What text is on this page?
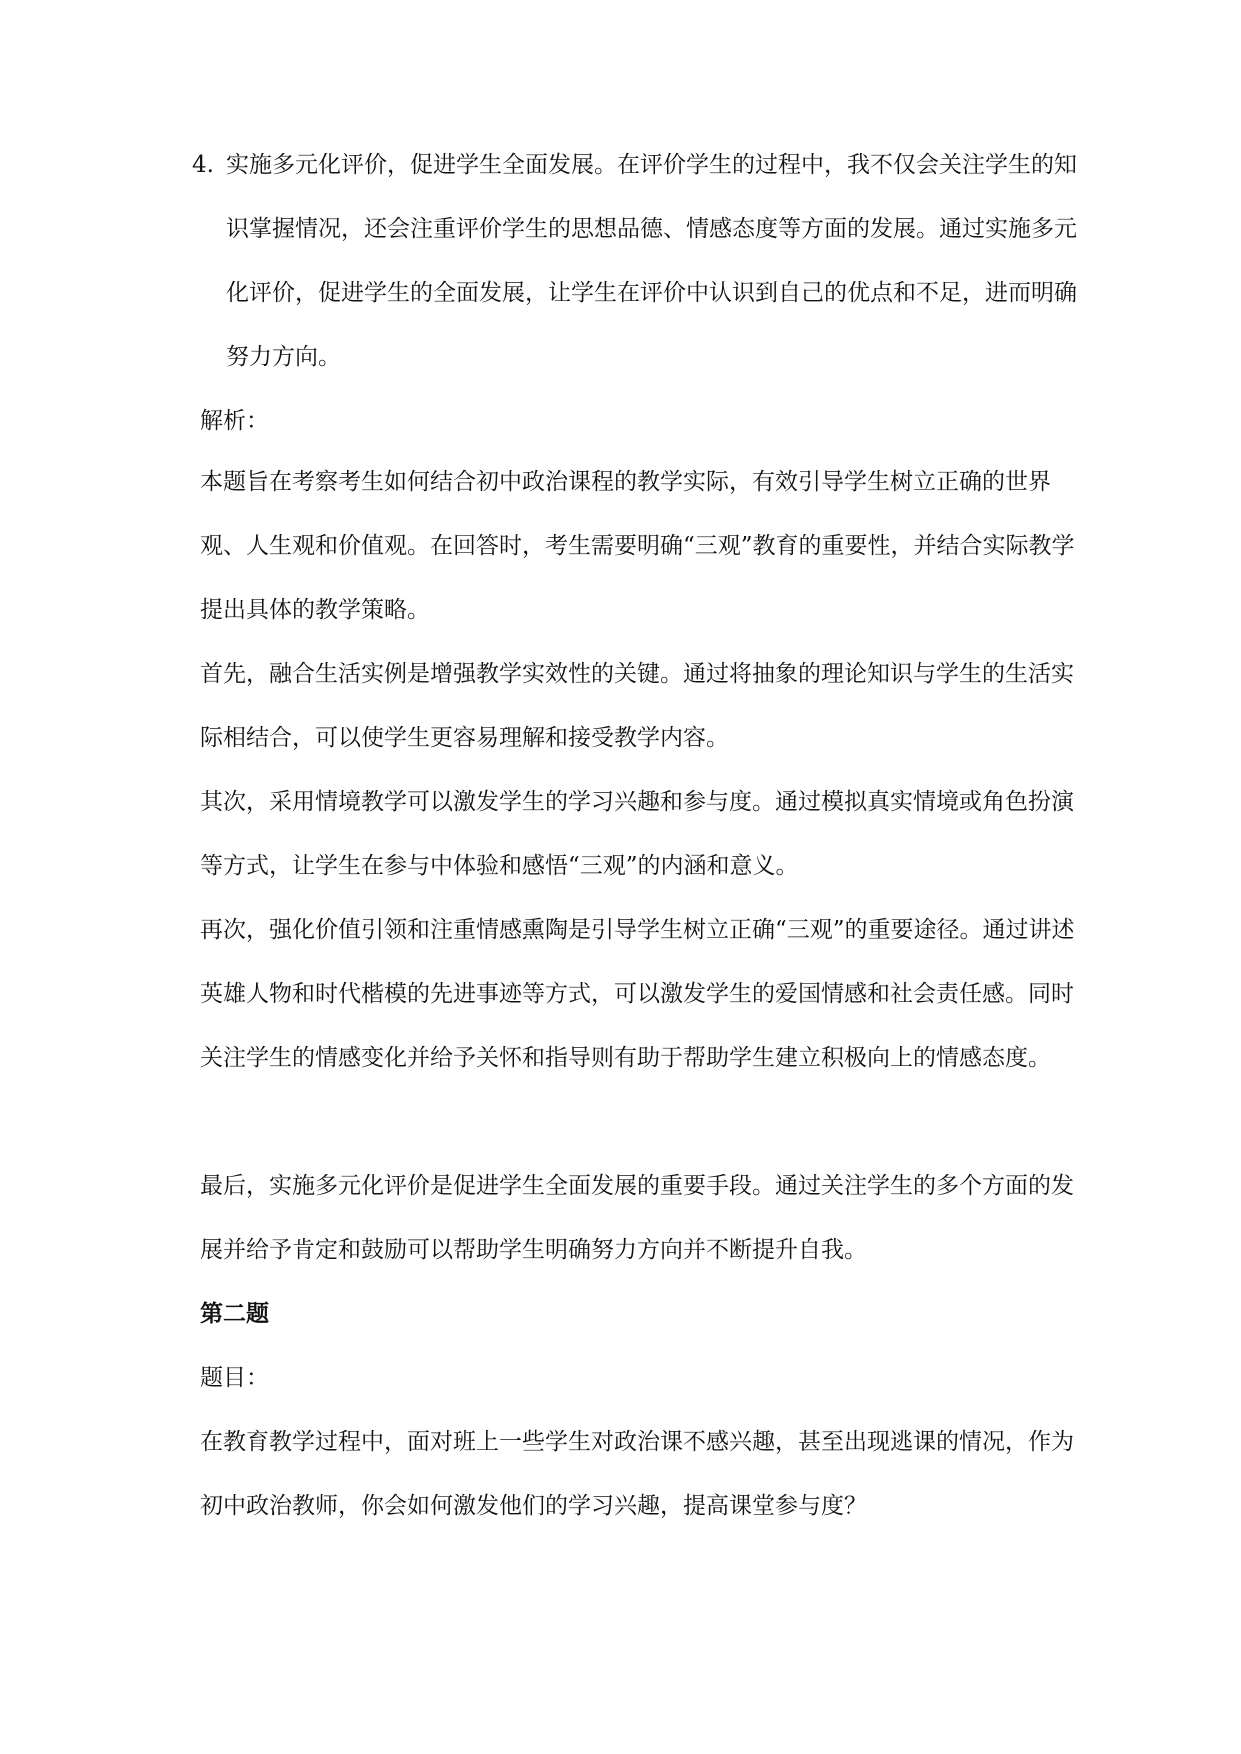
4. 实施多元化评价，促进学生全面发展。在评价学生的过程中，我不仅会关注学生的知识掌握情况，还会注重评价学生的思想品德、情感态度等方面的发展。通过实施多元化评价，促进学生的全面发展，让学生在评价中认识到自己的优点和不足，进而明确努力方向。

解析：

本题旨在考察考生如何结合初中政治课程的教学实际，有效引导学生树立正确的世界观、人生观和价值观。在回答时，考生需要明确“三观”教育的重要性，并结合实际教学提出具体的教学策略。

首先，融合生活实例是增强教学实效性的关键。通过将抽象的理论知识与学生的生活实际相结合，可以使学生更容易理解和接受教学内容。

其次，采用情境教学可以激发学生的学习兴趣和参与度。通过模拟真实情境或角色扮演等方式，让学生在参与中体验和感悟“三观”的内涵和意义。

再次，强化价值引领和注重情感熏陶是引导学生树立正确“三观”的重要途径。通过讲述英雄人物和时代楷模的先进事迹等方式，可以激发学生的爱国情感和社会责任感。同时关注学生的情感变化并给予关怀和指导则有助于帮助学生建立积极向上的情感态度。

最后，实施多元化评价是促进学生全面发展的重要手段。通过关注学生的多个方面的发展并给予肯定和鼓励可以帮助学生明确努力方向并不断提升自我。

第二题

题目：

在教育教学过程中，面对班上一些学生对政治课不感兴趣，甚至出现逃课的情况，作为初中政治教师，你会如何激发他们的学习兴趣，提高课堂参与度？
